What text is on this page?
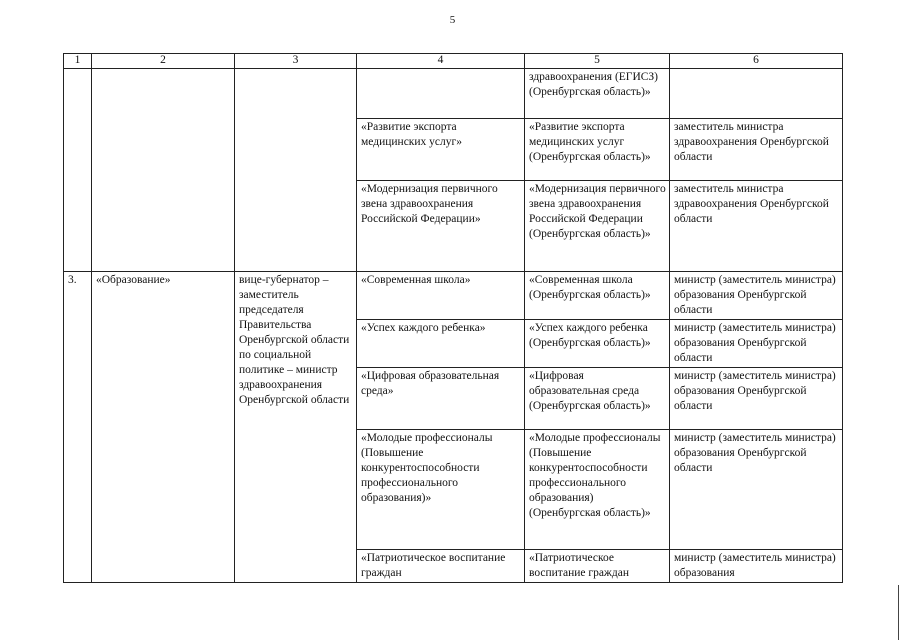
5
1	2	3	4	5	6
				здравоохранения (ЕГИСЗ) (Оренбургская область)»	
			«Развитие экспорта медицинских услуг»	«Развитие экспорта медицинских услуг (Оренбургская область)»	заместитель министра здравоохранения Оренбургской области
			«Модернизация первичного звена здравоохранения Российской Федерации»	«Модернизация первичного звена здравоохранения Российской Федерации (Оренбургская область)»	заместитель министра здравоохранения Оренбургской области
3.	«Образование»	вице-губернатор – заместитель председателя Правительства Оренбургской области по социальной политике – министр здравоохранения Оренбургской области	«Современная школа»	«Современная школа (Оренбургская область)»	министр (заместитель министра) образования Оренбургской области
			«Успех каждого ребенка»	«Успех каждого ребенка (Оренбургская область)»	министр (заместитель министра) образования Оренбургской области
			«Цифровая образовательная среда»	«Цифровая образовательная среда (Оренбургская область)»	министр (заместитель министра) образования Оренбургской области
			«Молодые профессионалы (Повышение конкурентоспособности профессионального образования)»	«Молодые профессионалы (Повышение конкурентоспособности профессионального образования) (Оренбургская область)»	министр (заместитель министра) образования Оренбургской области
			«Патриотическое воспитание граждан	«Патриотическое воспитание граждан	министр (заместитель министра) образования
